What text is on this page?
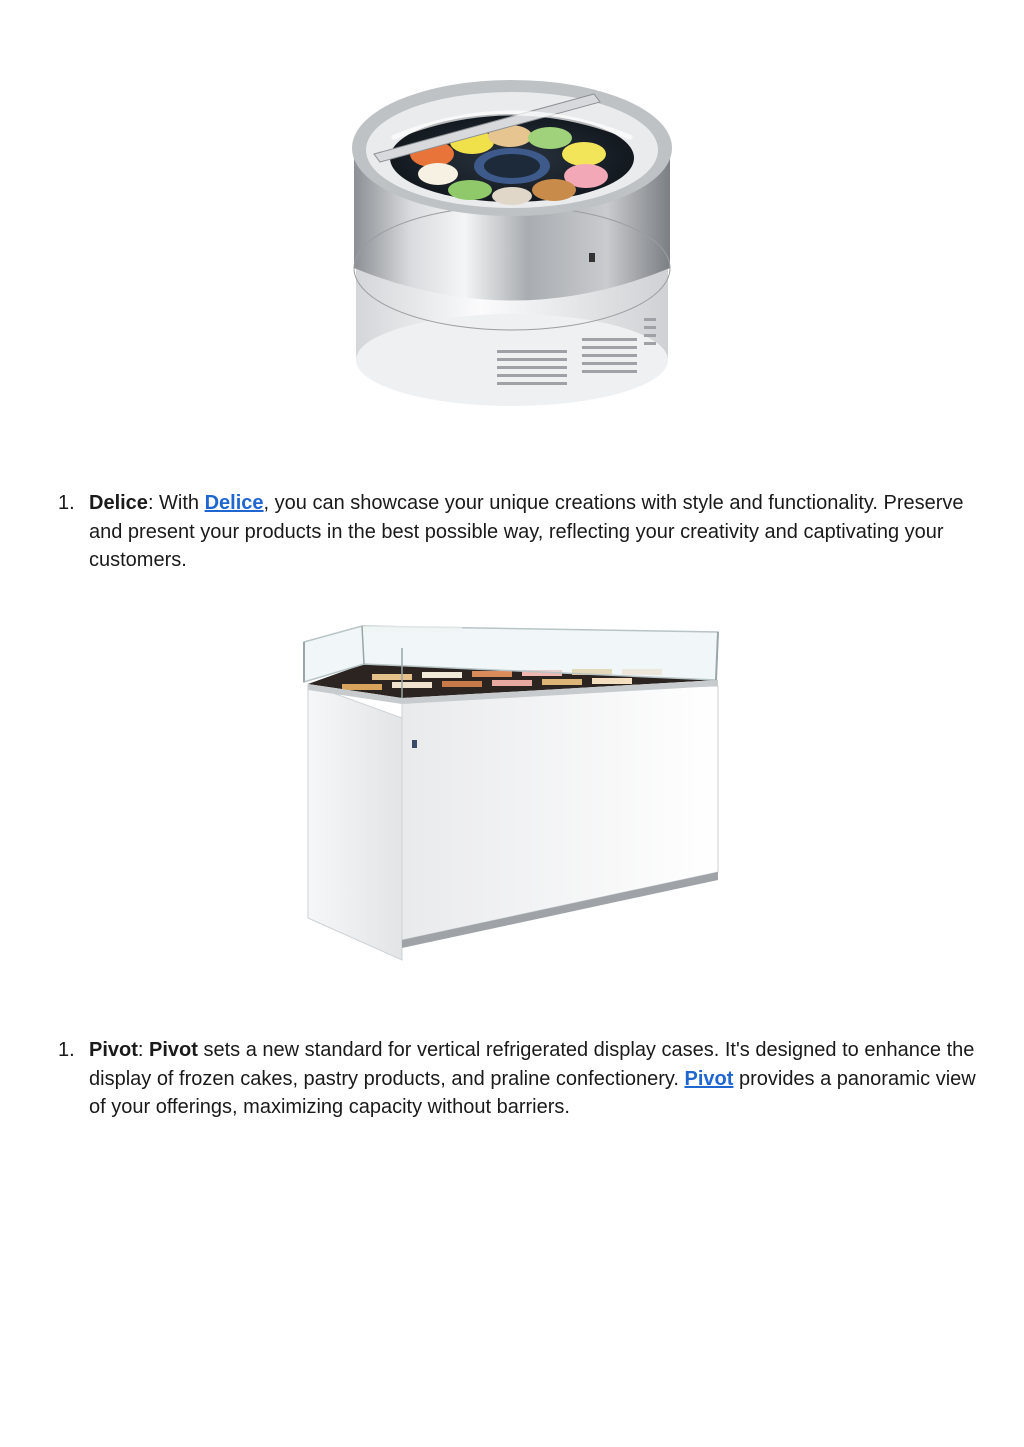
1. Delice: With Delice, you can showcase your unique creations with style and functionality. Preserve and present your products in the best possible way, reflecting your creativity and captivating your customers.
1. Pivot: Pivot sets a new standard for vertical refrigerated display cases. It's designed to enhance the display of frozen cakes, pastry products, and praline confectionery. Pivot provides a panoramic view of your offerings, maximizing capacity without barriers.
